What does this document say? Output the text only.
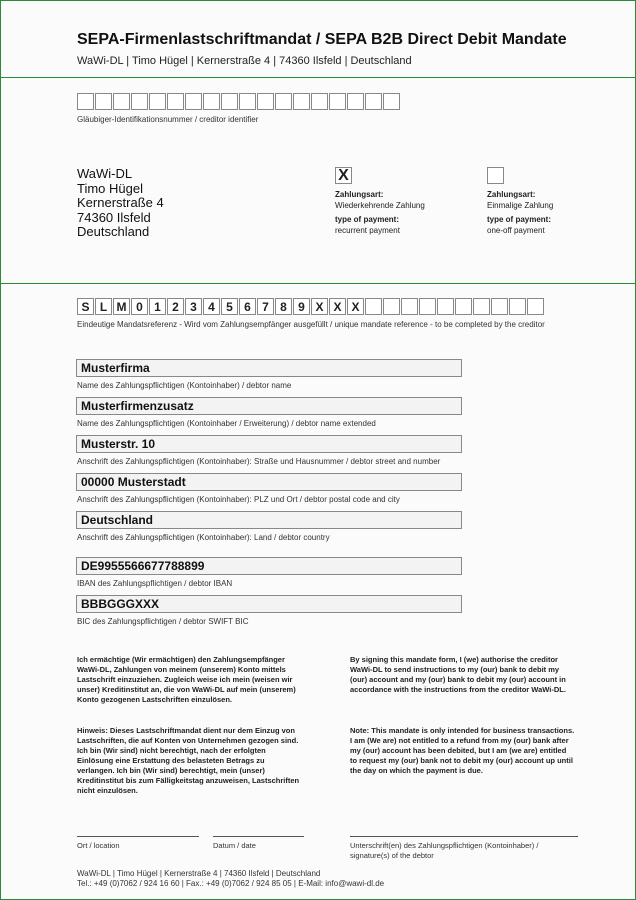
SEPA-Firmenlastschriftmandat / SEPA B2B Direct Debit Mandate
WaWi-DL | Timo Hügel | Kernerstraße 4 | 74360 Ilsfeld | Deutschland
Gläubiger-Identifikationsnummer / creditor identifier
WaWi-DL
Timo Hügel
Kernerstraße 4
74360 Ilsfeld
Deutschland
X
Zahlungsart:
Wiederkehrende Zahlung
type of payment:
recurrent payment
Zahlungsart:
Einmalige Zahlung
type of payment:
one-off payment
S L M 0 1 2 3 4 5 6 7 8 9 X X X
Eindeutige Mandatsreferenz - Wird vom Zahlungsempfänger ausgefüllt / unique mandate reference - to be completed by the creditor
Musterfirma
Name des Zahlungspflichtigen (Kontoinhaber) / debtor name
Musterfirmenzusatz
Name des Zahlungspflichtigen (Kontoinhaber / Erweiterung) / debtor name extended
Musterstr. 10
Anschrift des Zahlungspflichtigen (Kontoinhaber): Straße und Hausnummer / debtor street and number
00000 Musterstadt
Anschrift des Zahlungspflichtigen (Kontoinhaber): PLZ und Ort / debtor postal code and city
Deutschland
Anschrift des Zahlungspflichtigen (Kontoinhaber): Land / debtor country
DE9955566677788899
IBAN des Zahlungspflichtigen / debtor IBAN
BBBGGGXXX
BIC des Zahlungspflichtigen / debtor SWIFT BIC
Ich ermächtige (Wir ermächtigen) den Zahlungsempfänger WaWi-DL, Zahlungen von meinem (unserem) Konto mittels Lastschrift einzuziehen. Zugleich weise ich mein (weisen wir unser) Kreditinstitut an, die von WaWi-DL auf mein (unserem) Konto gezogenen Lastschriften einzulösen.
By signing this mandate form, I (we) authorise the creditor WaWi-DL to send instructions to my (our) bank to debit my (our) account and my (our) bank to debit my (our) account in accordance with the instructions from the creditor WaWi-DL.
Hinweis: Dieses Lastschriftmandat dient nur dem Einzug von Lastschriften, die auf Konten von Unternehmen gezogen sind. Ich bin (Wir sind) nicht berechtigt, nach der erfolgten Einlösung eine Erstattung des belasteten Betrags zu verlangen. Ich bin (Wir sind) berechtigt, mein (unser) Kreditinstitut bis zum Fälligkeitstag anzuweisen, Lastschriften nicht einzulösen.
Note: This mandate is only intended for business transactions. I am (We are) not entitled to a refund from my (our) bank after my (our) account has been debited, but I am (we are) entitled to request my (our) bank not to debit my (our) account up until the day on which the payment is due.
Ort / location	Datum / date	Unterschrift(en) des Zahlungspflichtigen (Kontoinhaber) / signature(s) of the debtor
WaWi-DL | Timo Hügel | Kernerstraße 4 | 74360 Ilsfeld | Deutschland
Tel.: +49 (0)7062 / 924 16 60 | Fax.: +49 (0)7062 / 924 85 05 | E-Mail: info@wawi-dl.de
